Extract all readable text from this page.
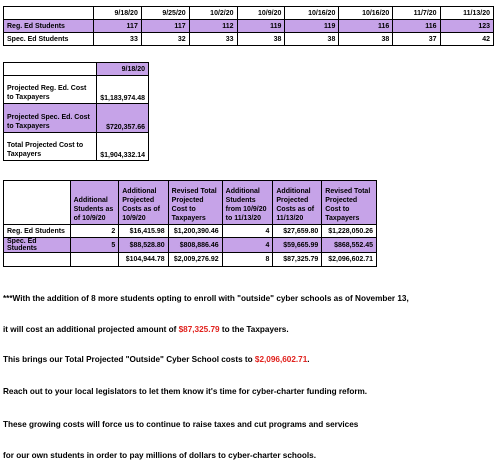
	9/18/20	9/25/20	10/2/20	10/9/20	10/16/20	10/16/20	11/7/20	11/13/20
Reg. Ed Students	117	117	112	119	119	116	116	123
Spec. Ed Students	33	32	33	38	38	38	37	42
	9/18/20
Projected Reg. Ed. Cost to Taxpayers	$1,183,974.48
Projected Spec. Ed. Cost to Taxpayers	$720,357.66
Total Projected Cost to Taxpayers	$1,904,332.14
	Additional Students as of 10/9/20	Additional Projected Costs as of 10/9/20	Revised Total Projected Cost to Taxpayers	Additional Students from 10/9/20 to 11/13/20	Additional Projected Costs as of 11/13/20	Revised Total Projected Cost to Taxpayers
Reg. Ed Students	2	$16,415.98	$1,200,390.46	4	$27,659.80	$1,228,050.26
Spec. Ed Students	5	$88,528.80	$808,886.46	4	$59,665.99	$868,552.45
		$104,944.78	$2,009,276.92	8	$87,325.79	$2,096,602.71
***With the addition of 8 more students opting to enroll with "outside" cyber schools as of November 13,
it will cost an additional projected amount of $87,325.79 to the Taxpayers.
This brings our Total Projected "Outside" Cyber School costs to $2,096,602.71.
Reach out to your local legislators to let them know it's time for cyber-charter funding reform.
These growing costs will force us to continue to raise taxes and cut programs and services
for our own students in order to pay millions of dollars to cyber-charter schools.
